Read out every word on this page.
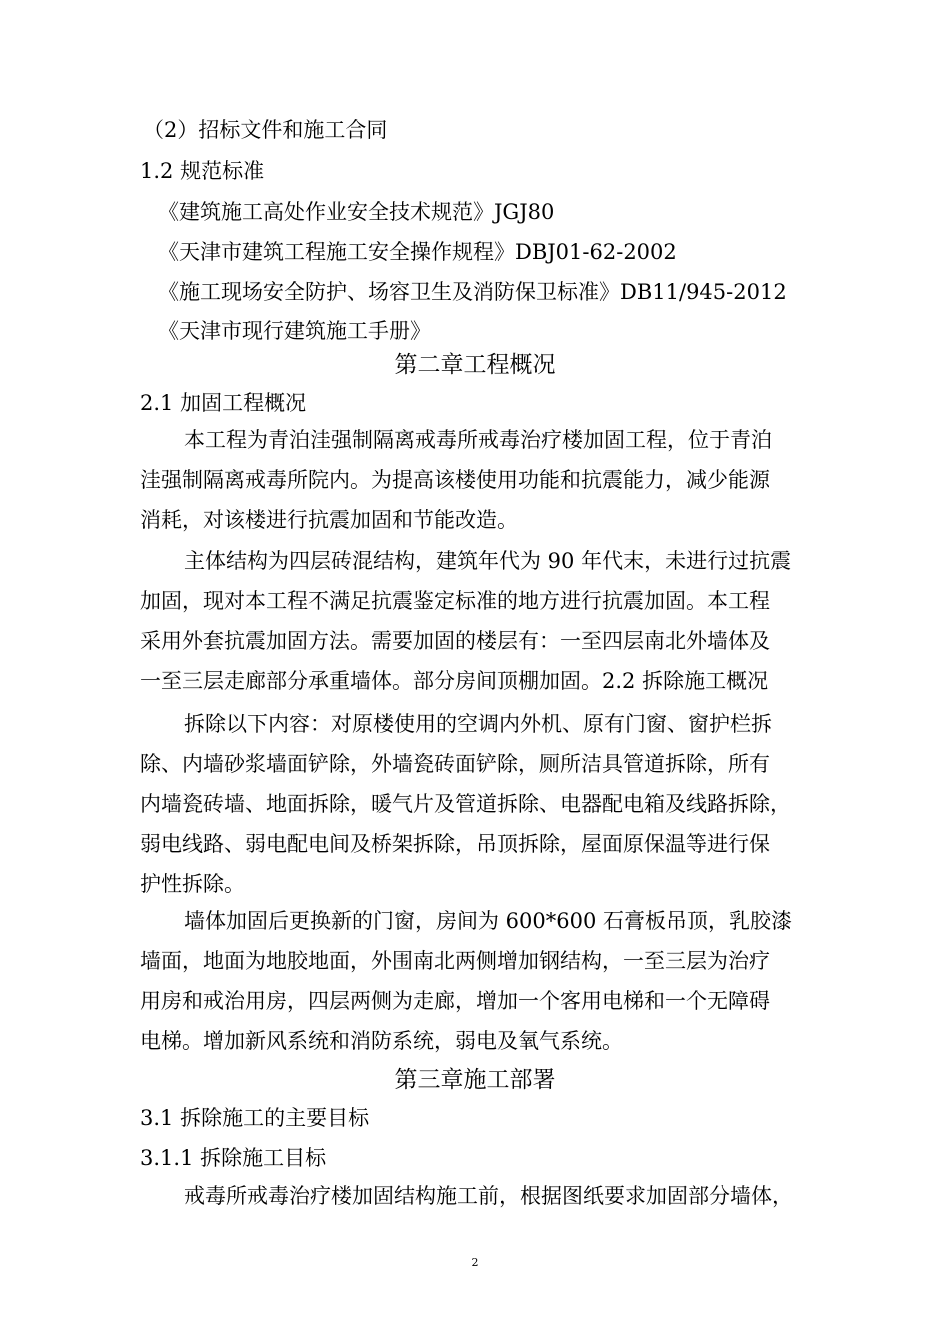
（2）招标文件和施工合同
1.2 规范标准
《建筑施工高处作业安全技术规范》JGJ80
《天津市建筑工程施工安全操作规程》DBJ01-62-2002
《施工现场安全防护、场容卫生及消防保卫标准》DB11/945-2012
《天津市现行建筑施工手册》
第二章工程概况
2.1 加固工程概况
本工程为青泊洼强制隔离戒毒所戒毒治疗楼加固工程，位于青泊
洼强制隔离戒毒所院内。为提高该楼使用功能和抗震能力，减少能源
消耗，对该楼进行抗震加固和节能改造。
主体结构为四层砖混结构，建筑年代为 90 年代末，未进行过抗震
加固，现对本工程不满足抗震鉴定标准的地方进行抗震加固。本工程
采用外套抗震加固方法。需要加固的楼层有：一至四层南北外墙体及
一至三层走廊部分承重墙体。部分房间顶棚加固。2.2 拆除施工概况
拆除以下内容：对原楼使用的空调内外机、原有门窗、窗护栏拆
除、内墙砂浆墙面铲除，外墙瓷砖面铲除，厕所洁具管道拆除，所有
内墙瓷砖墙、地面拆除，暖气片及管道拆除、电器配电箱及线路拆除，
弱电线路、弱电配电间及桥架拆除，吊顶拆除，屋面原保温等进行保
护性拆除。
墙体加固后更换新的门窗，房间为 600*600 石膏板吊顶，乳胶漆
墙面，地面为地胶地面，外围南北两侧增加钢结构，一至三层为治疗
用房和戒治用房，四层两侧为走廊，增加一个客用电梯和一个无障碍
电梯。增加新风系统和消防系统，弱电及氧气系统。
第三章施工部署
3.1 拆除施工的主要目标
3.1.1 拆除施工目标
戒毒所戒毒治疗楼加固结构施工前，根据图纸要求加固部分墙体，
2
